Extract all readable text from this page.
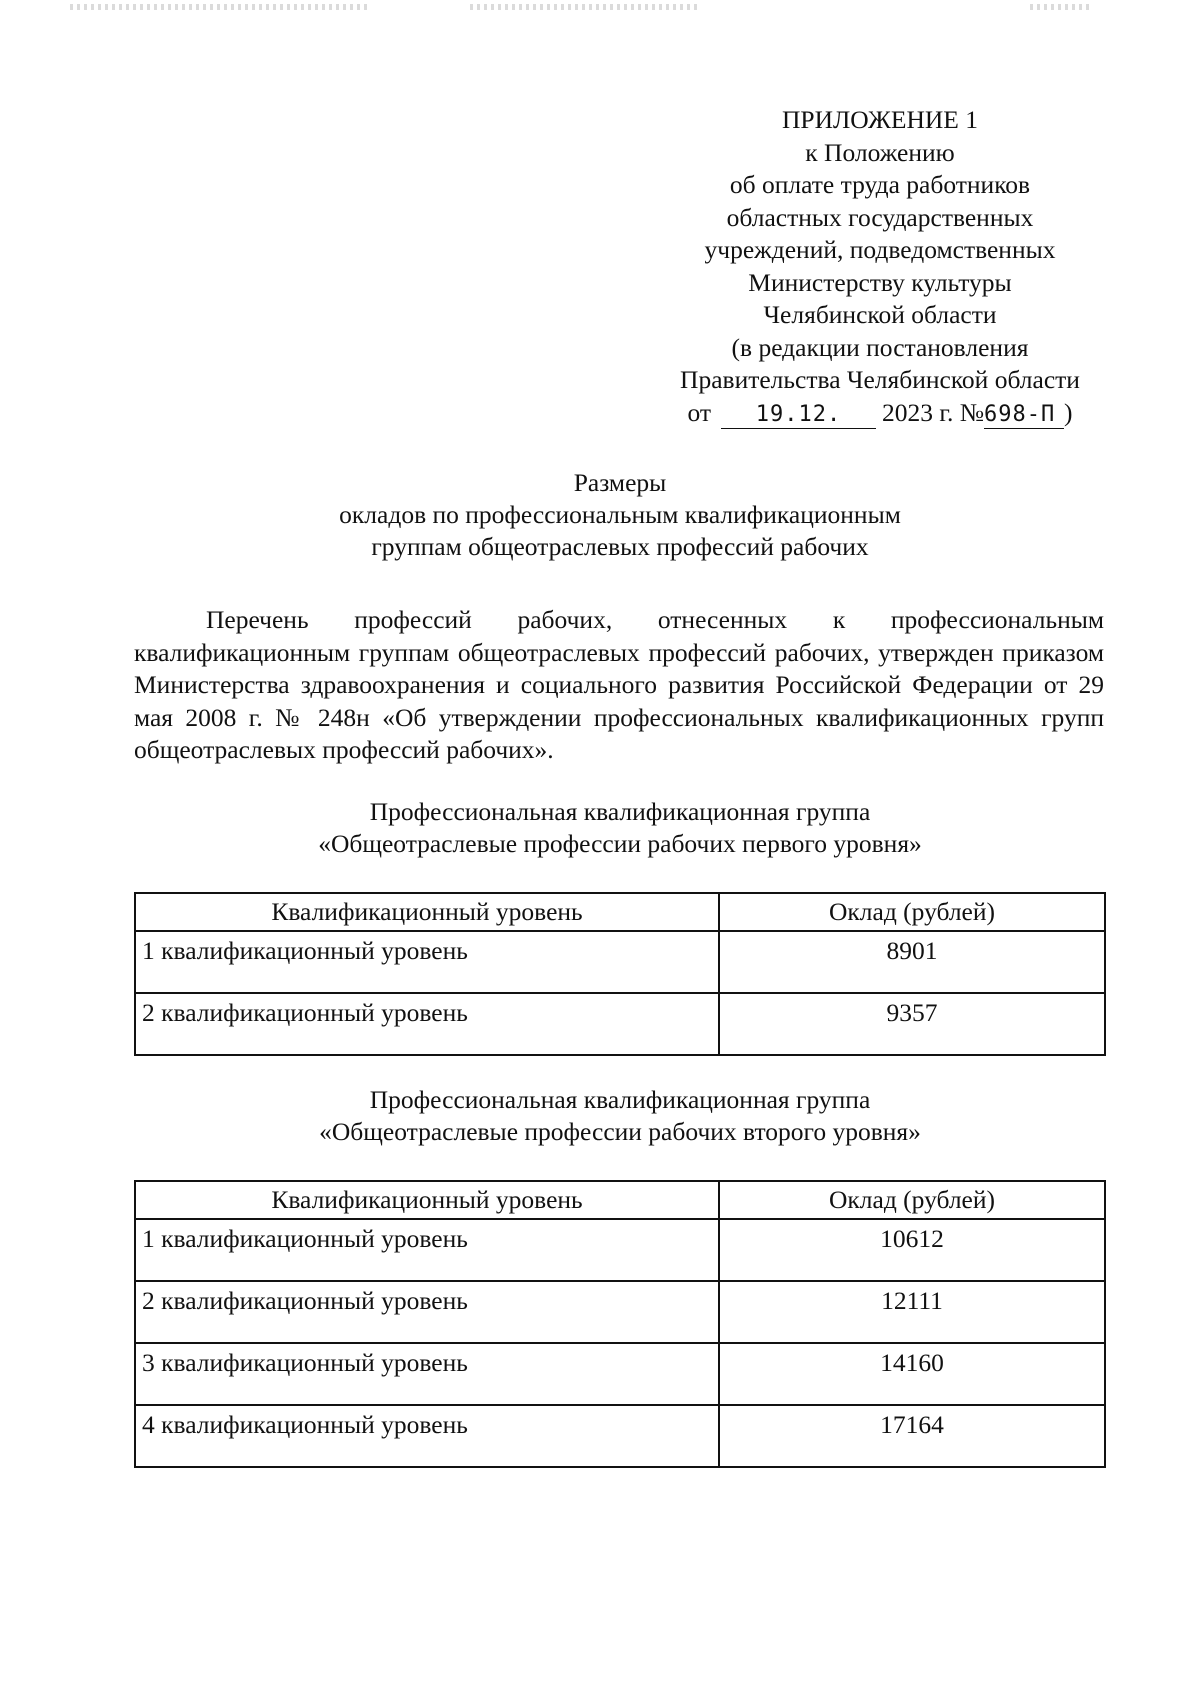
ПРИЛОЖЕНИЕ 1
к Положению
об оплате труда работников
областных государственных
учреждений, подведомственных
Министерству культуры
Челябинской области
(в редакции постановления
Правительства Челябинской области
от 19.12. 2023 г. №698-П )
Размеры
окладов по профессиональным квалификационным
группам общеотраслевых профессий рабочих
Перечень профессий рабочих, отнесенных к профессиональным квалификационным группам общеотраслевых профессий рабочих, утвержден приказом Министерства здравоохранения и социального развития Российской Федерации от 29 мая 2008 г. № 248н «Об утверждении профессиональных квалификационных групп общеотраслевых профессий рабочих».
Профессиональная квалификационная группа
«Общеотраслевые профессии рабочих первого уровня»
Квалификационный уровень	Оклад (рублей)
1 квалификационный уровень	8901
2 квалификационный уровень	9357
Профессиональная квалификационная группа
«Общеотраслевые профессии рабочих второго уровня»
Квалификационный уровень	Оклад (рублей)
1 квалификационный уровень	10612
2 квалификационный уровень	12111
3 квалификационный уровень	14160
4 квалификационный уровень	17164
